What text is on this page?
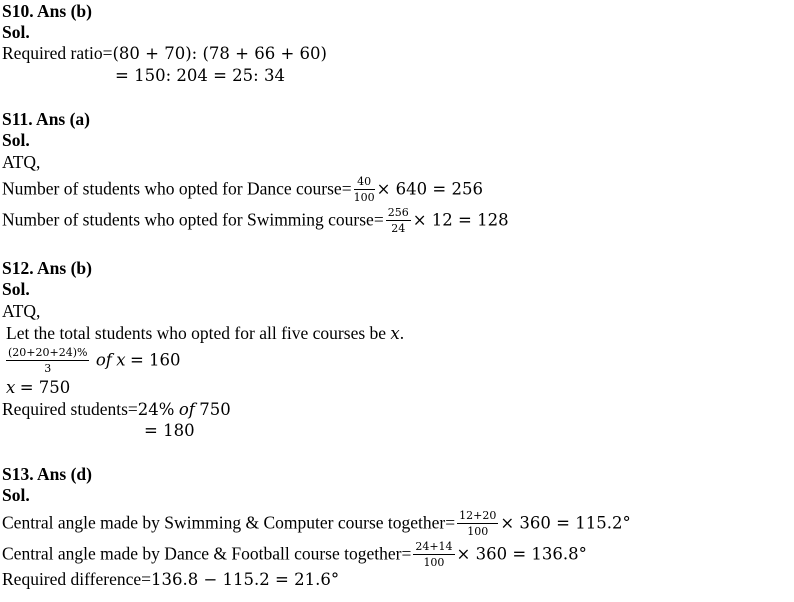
S10. Ans (b)
Sol.
Required ratio=(80 + 70): (78 + 66 + 60)
= 150: 204 = 25: 34
S11. Ans (a)
Sol.
ATQ,
Number of students who opted for Dance course= $\frac{40}{100} \times 640 = 256$
Number of students who opted for Swimming course= $\frac{256}{24} \times 12 = 128$
S12. Ans (b)
Sol.
ATQ,
Let the total students who opted for all five courses be x.
$\frac{(20+20+24)\%}{3}$ of x = 160
x = 750
Required students=24% of 750
= 180
S13. Ans (d)
Sol.
Central angle made by Swimming & Computer course together= $\frac{12+20}{100} \times 360 = 115.2^\circ$
Central angle made by Dance & Football course together= $\frac{24+14}{100} \times 360 = 136.8^\circ$
Required difference=136.8 − 115.2 = 21.6°
